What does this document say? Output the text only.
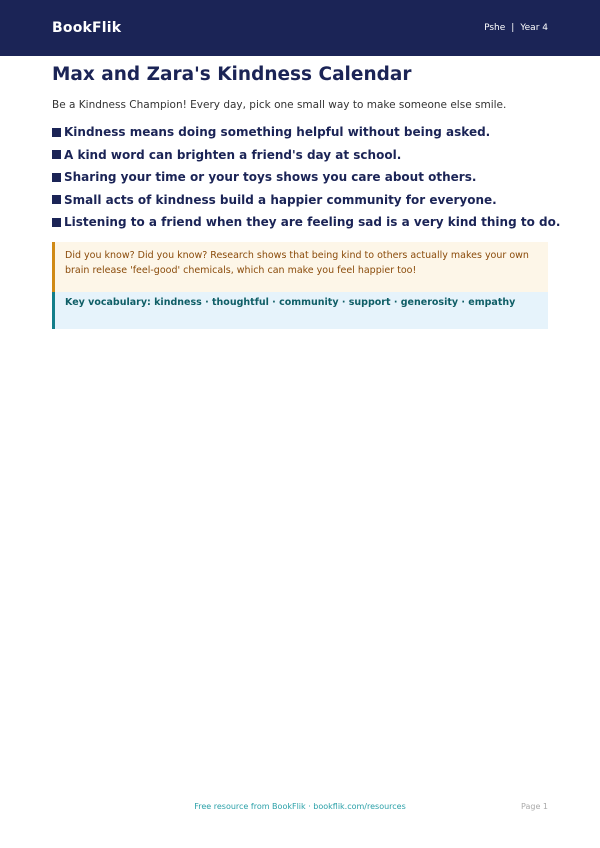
BookFlik	Pshe | Year 4
Max and Zara's Kindness Calendar

Be a Kindness Champion! Every day, pick one small way to make someone else smile.

Kindness means doing something helpful without being asked.
A kind word can brighten a friend's day at school.
Sharing your time or your toys shows you care about others.
Small acts of kindness build a happier community for everyone.
Listening to a friend when they are feeling sad is a very kind thing to do.
Did you know? Did you know? Research shows that being kind to others actually makes your own brain release 'feel-good' chemicals, which can make you feel happier too!
Key vocabulary: kindness · thoughtful · community · support · generosity · empathy
Free resource from BookFlik · bookflik.com/resources	Page 1
